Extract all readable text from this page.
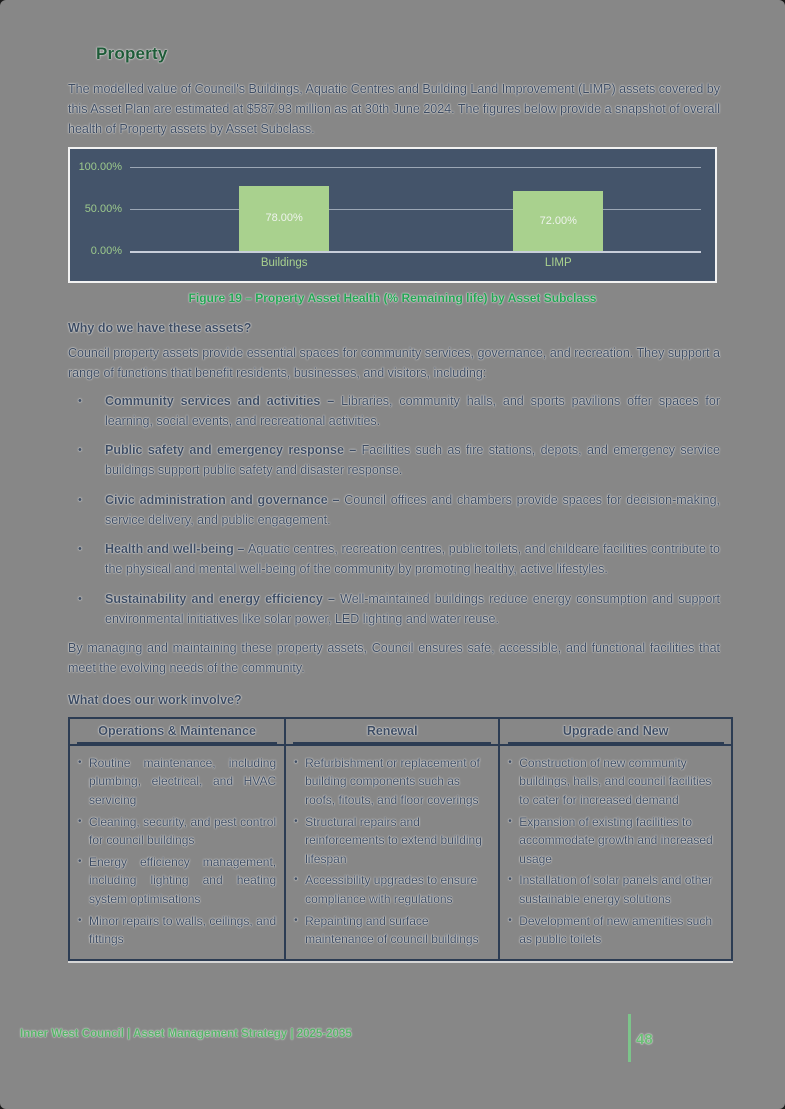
Property

The modelled value of Council's Buildings, Aquatic Centres and Building Land Improvement (LIMP) assets covered by this Asset Plan are estimated at $587.93 million as at 30th June 2024. The figures below provide a snapshot of overall health of Property assets by Asset Subclass.

100.00%
50.00%
0.00%
78.00%	72.00%
Buildings	LIMP
Figure 19 – Property Asset Health (% Remaining life) by Asset Subclass
Why do we have these assets?

Council property assets provide essential spaces for community services, governance, and recreation. They support a range of functions that benefit residents, businesses, and visitors, including:

•	Community services and activities – Libraries, community halls, and sports pavilions offer spaces for learning, social events, and recreational activities.
•	Public safety and emergency response – Facilities such as fire stations, depots, and emergency service buildings support public safety and disaster response.
•	Civic administration and governance – Council offices and chambers provide spaces for decision-making, service delivery, and public engagement.
•	Health and well-being – Aquatic centres, recreation centres, public toilets, and childcare facilities contribute to the physical and mental well-being of the community by promoting healthy, active lifestyles.
•	Sustainability and energy efficiency – Well-maintained buildings reduce energy consumption and support environmental initiatives like solar power, LED lighting and water reuse.

By managing and maintaining these property assets, Council ensures safe, accessible, and functional facilities that meet the evolving needs of the community.

What does our work involve?
Operations & Maintenance	Renewal	Upgrade and New

• Routine maintenance, including plumbing, electrical, and HVAC servicing
• Cleaning, security, and pest control for council buildings
• Energy efficiency management, including lighting and heating system optimisations
• Minor repairs to walls, ceilings, and fittings

• Refurbishment or replacement of building components such as roofs, fitouts, and floor coverings
• Structural repairs and reinforcements to extend building lifespan
• Accessibility upgrades to ensure compliance with regulations
• Repainting and surface maintenance of council buildings

• Construction of new community buildings, halls, and council facilities to cater for increased demand
• Expansion of existing facilities to accommodate growth and increased usage
• Installation of solar panels and other sustainable energy solutions
• Development of new amenities such as public toilets
Inner West Council | Asset Management Strategy | 2025-2035	48
